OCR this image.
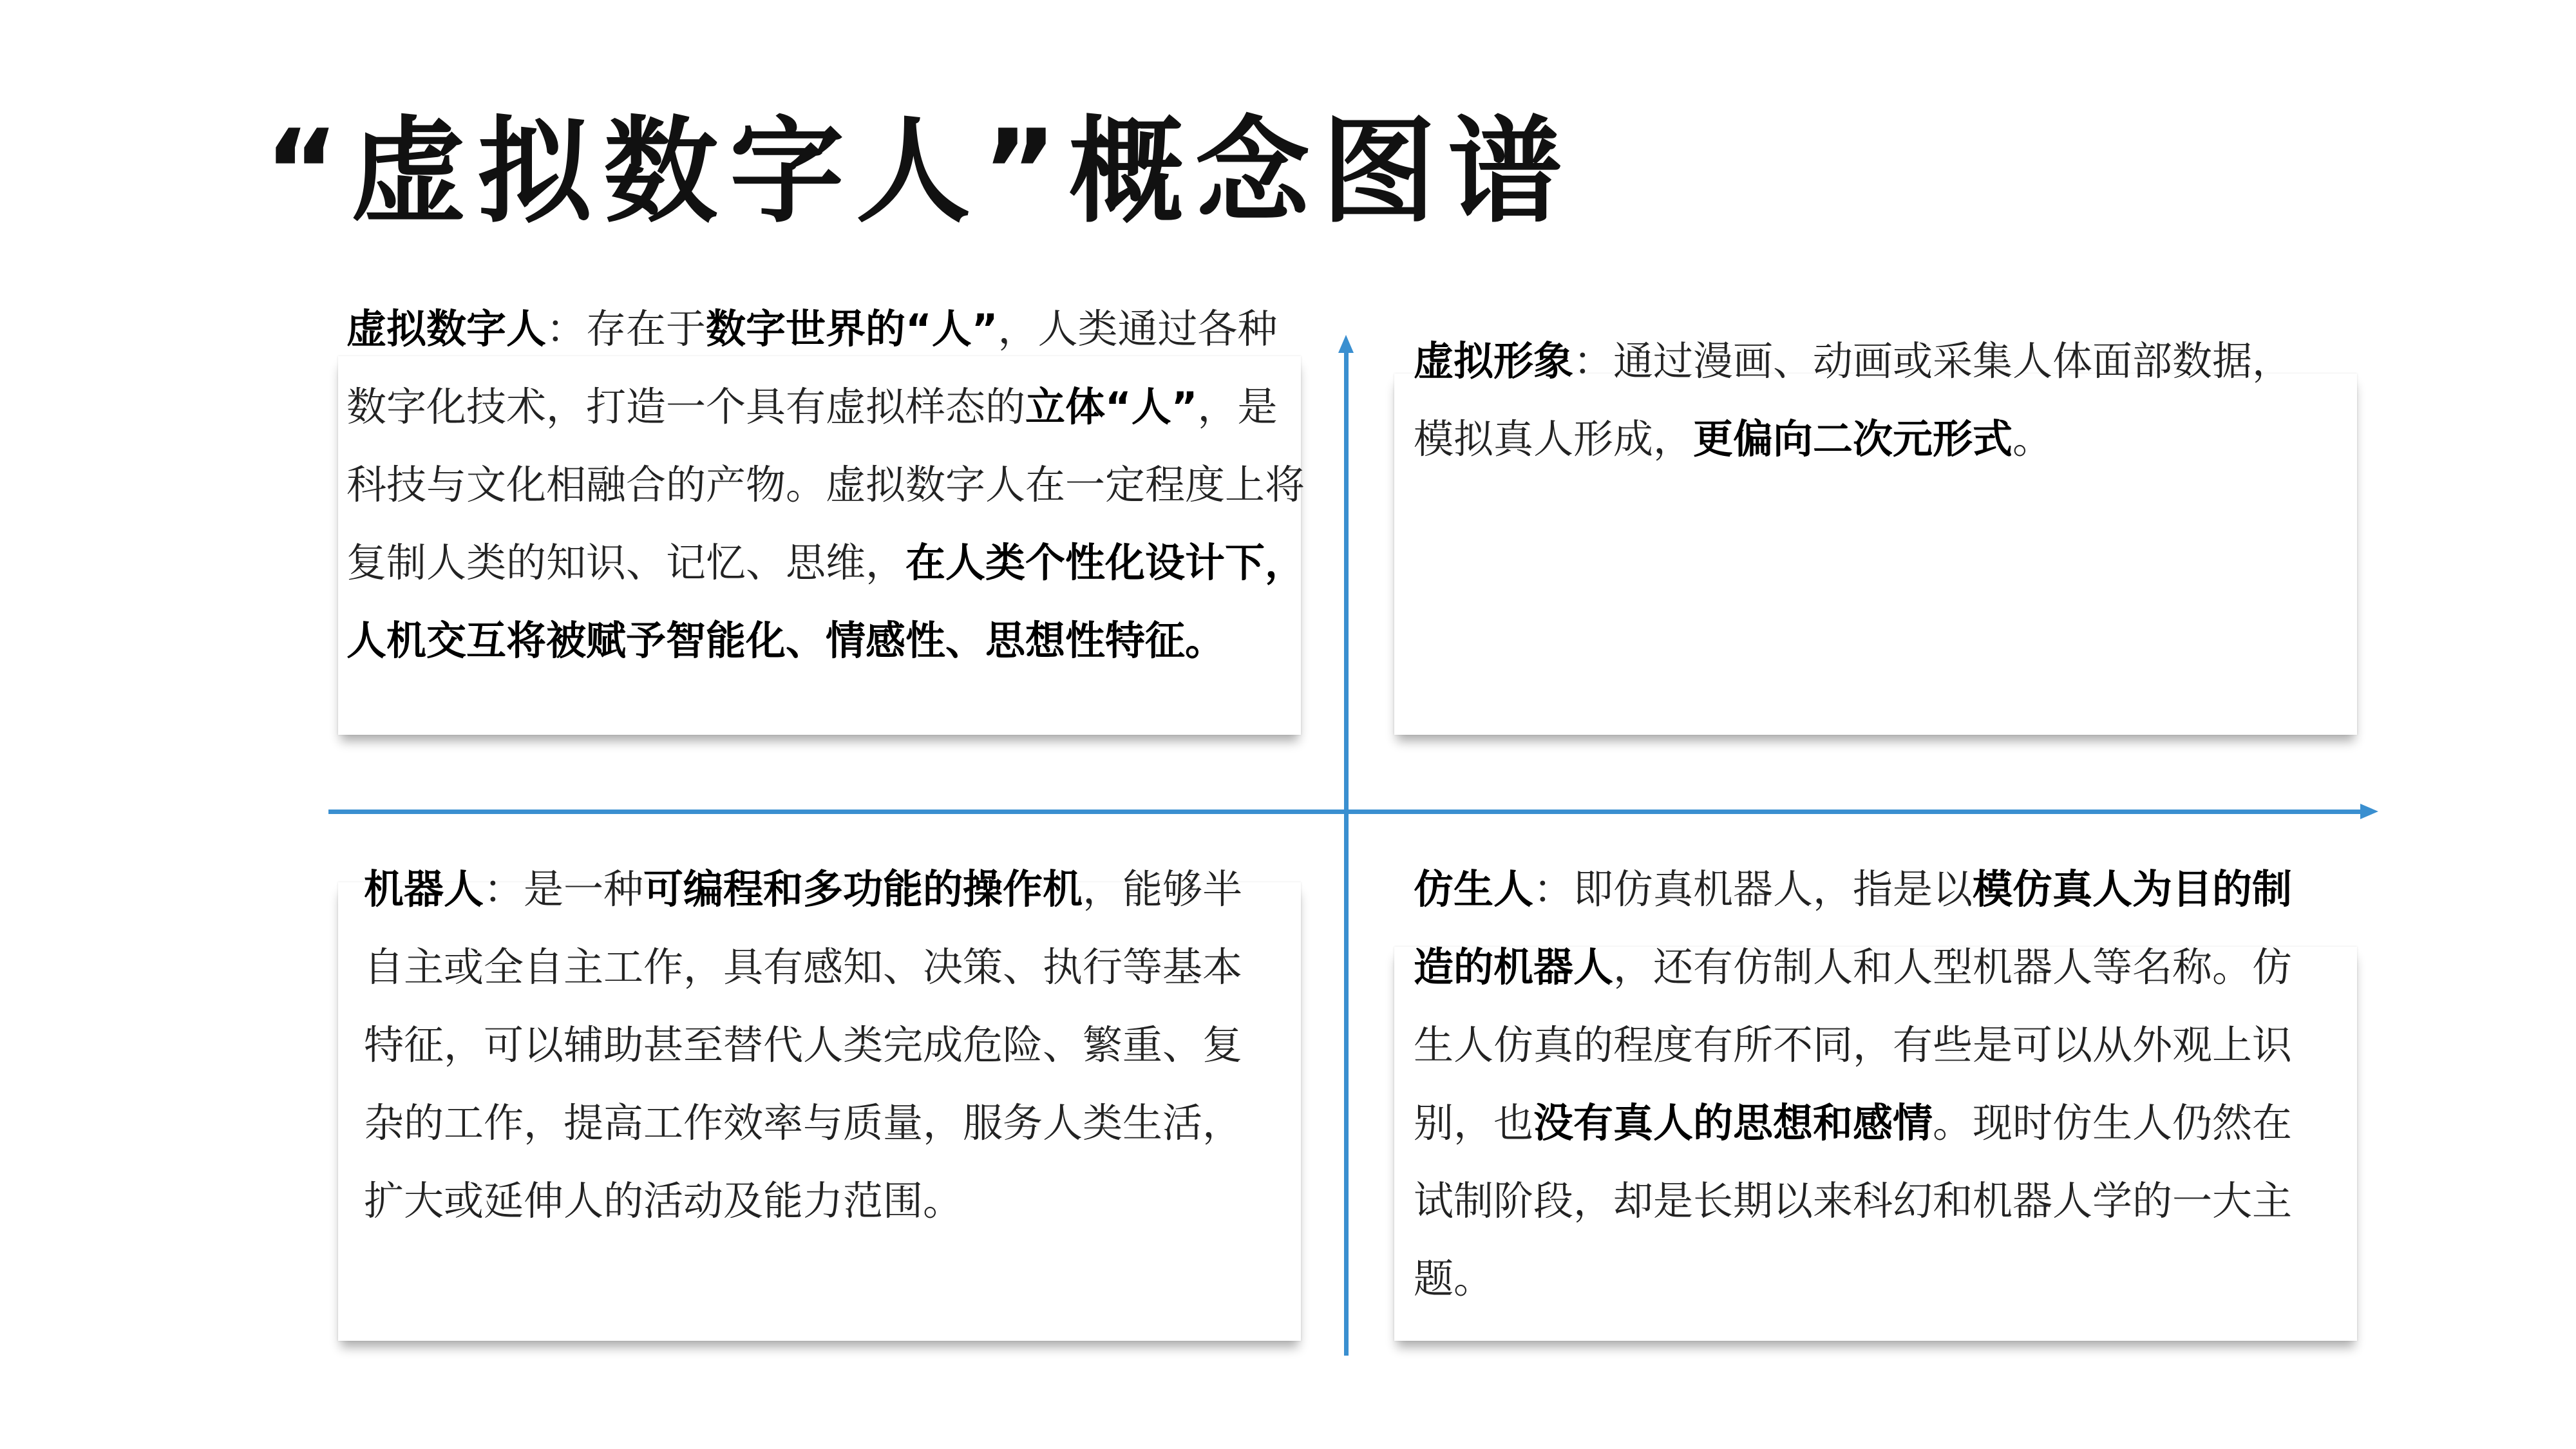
“虚拟数字人”概念图谱

虚拟数字人：存在于数字世界的“人”，人类通过各种数字化技术，打造一个具有虚拟样态的立体“人”，是科技与文化相融合的产物。虚拟数字人在一定程度上将复制人类的知识、记忆、思维，在人类个性化设计下，人机交互将被赋予智能化、情感性、思想性特征。

虚拟形象：通过漫画、动画或采集人体面部数据，模拟真人形成，更偏向二次元形式。

机器人：是一种可编程和多功能的操作机，能够半自主或全自主工作，具有感知、决策、执行等基本特征，可以辅助甚至替代人类完成危险、繁重、复杂的工作，提高工作效率与质量，服务人类生活，扩大或延伸人的活动及能力范围。

仿生人：即仿真机器人，指是以模仿真人为目的制造的机器人，还有仿制人和人型机器人等名称。仿生人仿真的程度有所不同，有些是可以从外观上识别，也没有真人的思想和感情。现时仿生人仍然在试制阶段，却是长期以来科幻和机器人学的一大主题。
